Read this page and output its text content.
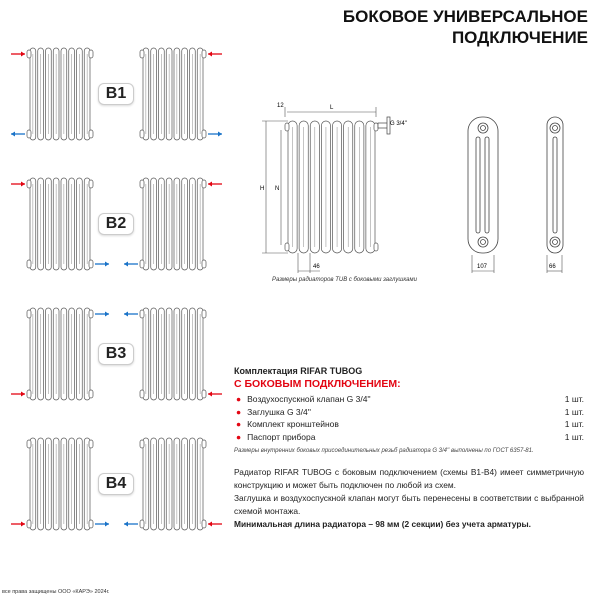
БОКОВОЕ УНИВЕРСАЛЬНОЕ
ПОДКЛЮЧЕНИЕ
B1
B2
B3
B4
12	L
G 3/4''
H N
46	107	66
Размеры радиаторов TUB с боковыми заглушками
Комплектация RIFAR TUBOG
С БОКОВЫМ ПОДКЛЮЧЕНИЕМ:
● Воздухоспускной клапан G 3/4''	1 шт.
● Заглушка G 3/4''	1 шт.
● Комплект кронштейнов	1 шт.
● Паспорт прибора	1 шт.
Размеры внутренних боковых присоединительных резьб радиатора G 3/4'' выполнены по ГОСТ 6357-81.
Радиатор RIFAR TUBOG с боковым подключением (схемы B1-B4) имеет симметричную конструкцию и может быть подключен по любой из схем.
Заглушка и воздухоспускной клапан могут быть перенесены в соответствии с выбранной схемой монтажа.
Минимальная длина радиатора – 98 мм (2 секции) без учета арматуры.
все права защищены ООО «КАРЭ» 2024г.
